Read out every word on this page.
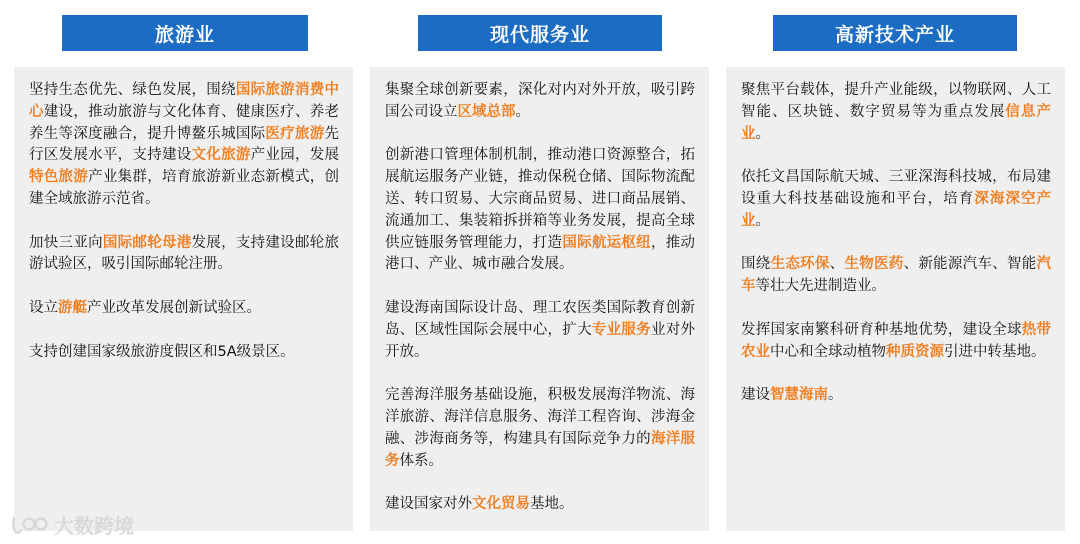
旅游业	现代服务业	高新技术产业

坚持生态优先、绿色发展，围绕国际旅游消费中心建设，推动旅游与文化体育、健康医疗、养老养生等深度融合，提升博鳌乐城国际医疗旅游先行区发展水平，支持建设文化旅游产业园，发展特色旅游产业集群，培育旅游新业态新模式，创建全域旅游示范省。

加快三亚向国际邮轮母港发展，支持建设邮轮旅游试验区，吸引国际邮轮注册。

设立游艇产业改革发展创新试验区。

支持创建国家级旅游度假区和5A级景区。

集聚全球创新要素，深化对内对外开放，吸引跨国公司设立区域总部。

创新港口管理体制机制，推动港口资源整合，拓展航运服务产业链，推动保税仓储、国际物流配送、转口贸易、大宗商品贸易、进口商品展销、流通加工、集装箱拆拼箱等业务发展，提高全球供应链服务管理能力，打造国际航运枢纽，推动港口、产业、城市融合发展。

建设海南国际设计岛、理工农医类国际教育创新岛、区域性国际会展中心，扩大专业服务业对外开放。

完善海洋服务基础设施，积极发展海洋物流、海洋旅游、海洋信息服务、海洋工程咨询、涉海金融、涉海商务等，构建具有国际竞争力的海洋服务体系。

建设国家对外文化贸易基地。

聚焦平台载体，提升产业能级，以物联网、人工智能、区块链、数字贸易等为重点发展信息产业。

依托文昌国际航天城、三亚深海科技城，布局建设重大科技基础设施和平台，培育深海深空产业。

围绕生态环保、生物医药、新能源汽车、智能汽车等壮大先进制造业。

发挥国家南繁科研育种基地优势，建设全球热带农业中心和全球动植物种质资源引进中转基地。

建设智慧海南。

大数跨境
